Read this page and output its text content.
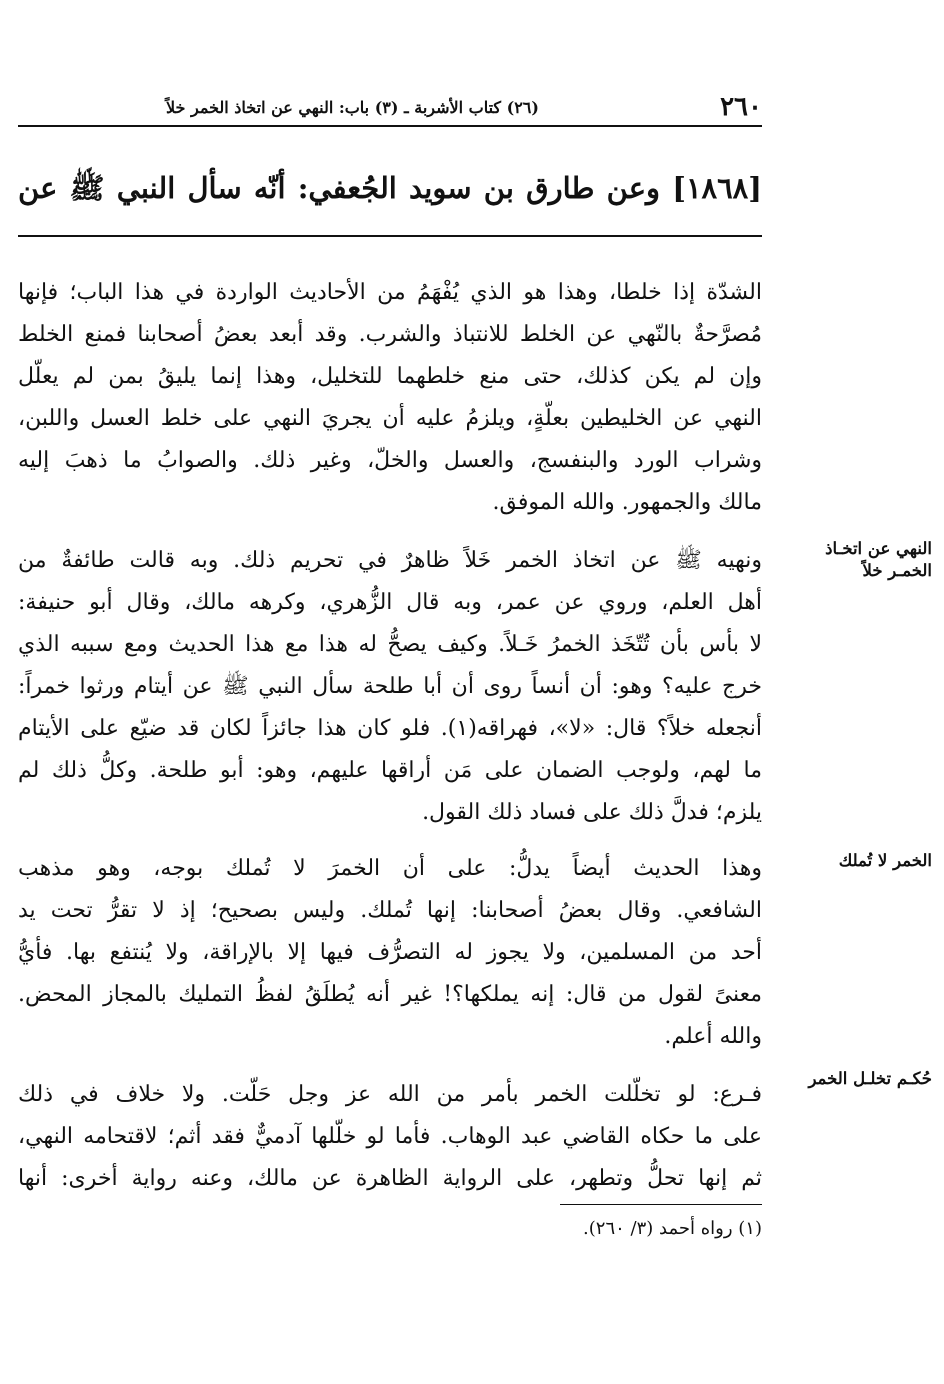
٢٦٠
(٢٦) كتاب الأشربة ـ (٣) باب: النهي عن اتخاذ الخمر خلاً
[١٨٦٨] وعن طارق بن سويد الجُعفي: أنّه سأل النبي ﷺ عن
الشدّة إذا خلطا، وهذا هو الذي يُفْهَمُ من الأحاديث الواردة في هذا الباب؛ فإنها
مُصرَّحةٌ بالنّهي عن الخلط للانتباذ والشرب. وقد أبعد بعضُ أصحابنا فمنع الخلط
وإن لم يكن كذلك، حتى منع خلطهما للتخليل، وهذا إنما يليقُ بمن لم يعلّل
النهي عن الخليطين بعلّةٍ، ويلزمُ عليه أن يجريَ النهي على خلط العسل واللبن،
وشراب الورد والبنفسج، والعسل والخلّ، وغير ذلك. والصوابُ ما ذهبَ إليه
مالك والجمهور. والله الموفق.
النهي عن اتخـاذ الخمـر خلاً
ونهيه ﷺ عن اتخاذ الخمر خَلاً ظاهرٌ في تحريم ذلك. وبه قالت طائفةٌ من
أهل العلم، وروي عن عمر، وبه قال الزُّهري، وكرهه مالك، وقال أبو حنيفة:
لا بأس بأن تُتّخَذ الخمرُ خَـلاً. وكيف يصحُّ له هذا مع هذا الحديث ومع سببه الذي
خرج عليه؟ وهو: أن أنساً روى أن أبا طلحة سأل النبي ﷺ عن أيتام ورثوا خمراً:
أنجعله خلاً؟ قال: «لا»، فهراقه(١). فلو كان هذا جائزاً لكان قد ضيّع على الأيتام
ما لهم، ولوجب الضمان على مَن أراقها عليهم، وهو: أبو طلحة. وكلُّ ذلك لم
يلزم؛ فدلَّ ذلك على فساد ذلك القول.
الخمر لا تُملك
وهذا الحديث أيضاً يدلُّ: على أن الخمرَ لا تُملك بوجه، وهو مذهب
الشافعي. وقال بعضُ أصحابنا: إنها تُملك. وليس بصحيح؛ إذ لا تقرُّ تحت يد
أحد من المسلمين، ولا يجوز له التصرُّف فيها إلا بالإراقة، ولا يُنتفع بها. فأيُّ
معنىً لقول من قال: إنه يملكها؟! غير أنه يُطلَقُ لفظُ التمليك بالمجاز المحض.
والله أعلم.
حُكـم تخلـل الخمر
فـرع: لو تخلّلت الخمر بأمر من الله عز وجل حَلّت. ولا خلاف في ذلك
على ما حكاه القاضي عبد الوهاب. فأما لو خلّلها آدميٌّ فقد أثم؛ لاقتحامه النهي،
ثم إنها تحلُّ وتطهر، على الرواية الظاهرة عن مالك، وعنه رواية أخرى: أنها
(١) رواه أحمد (٣/ ٢٦٠).
